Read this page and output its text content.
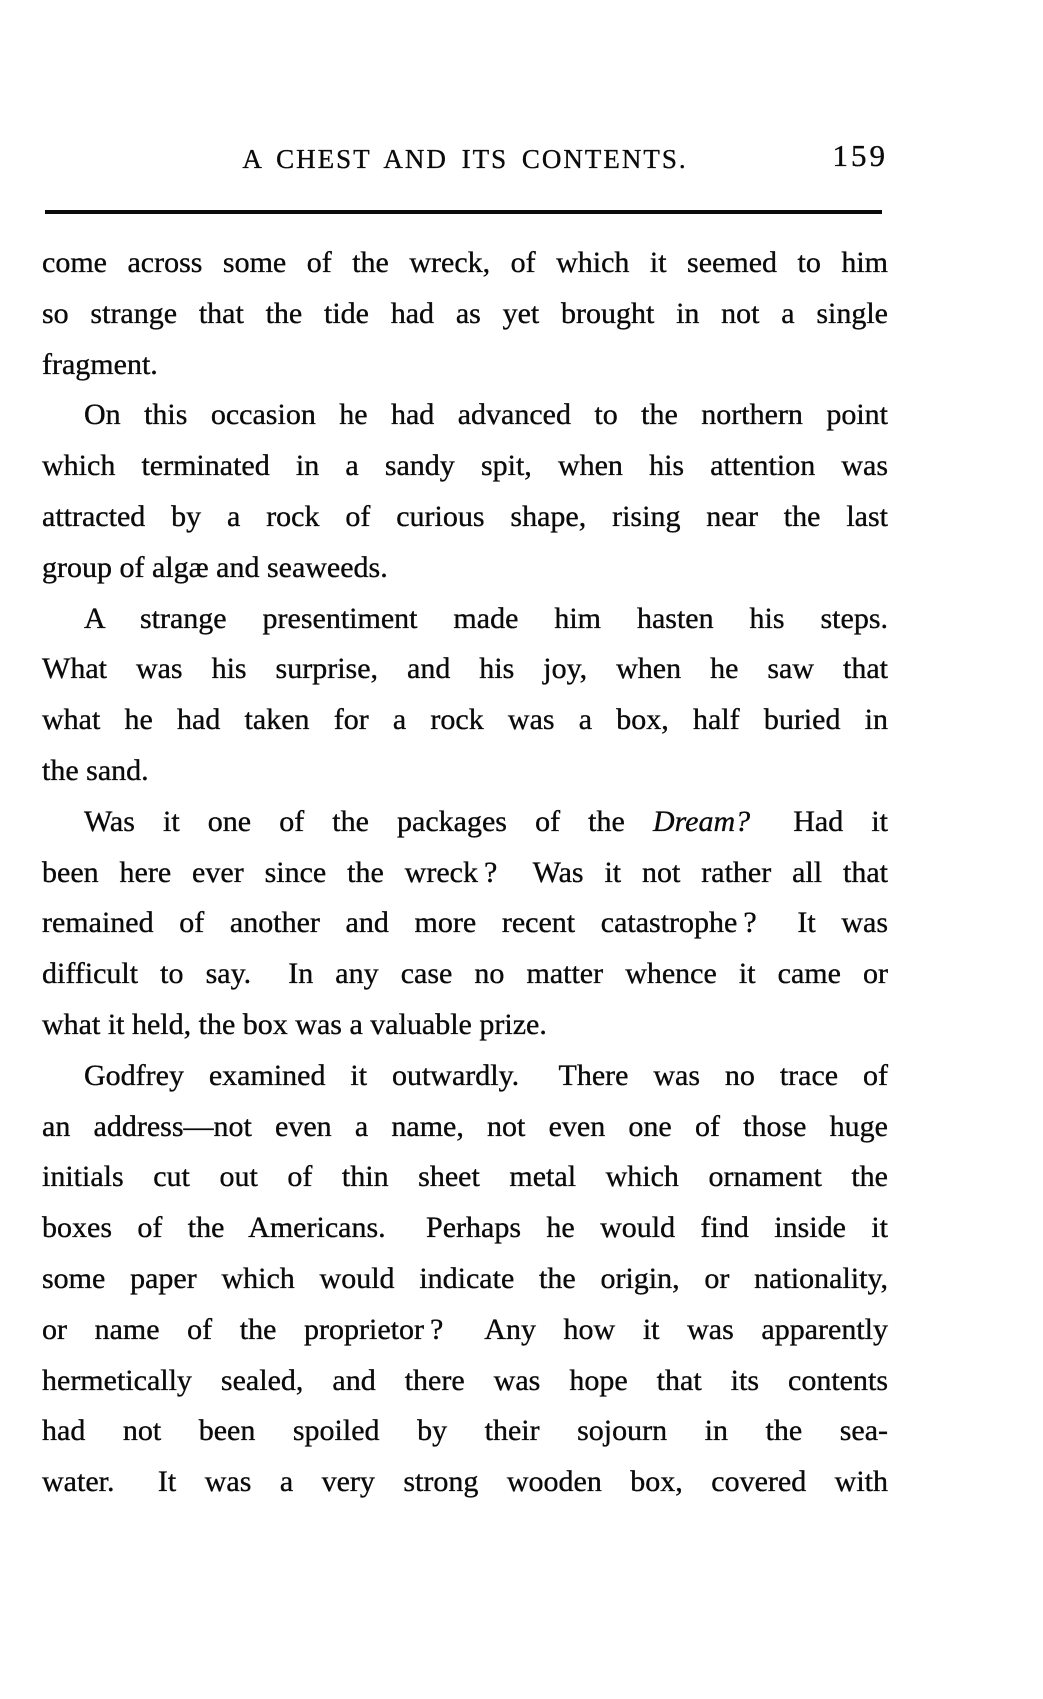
A CHEST AND ITS CONTENTS.	159
come across some of the wreck, of which it seemed to him
so strange that the tide had as yet brought in not a single
fragment.
On this occasion he had advanced to the northern point
which terminated in a sandy spit, when his attention was
attracted by a rock of curious shape, rising near the last
group of algæ and seaweeds.
A strange presentiment made him hasten his steps.
What was his surprise, and his joy, when he saw that
what he had taken for a rock was a box, half buried in
the sand.
Was it one of the packages of the Dream?  Had it
been here ever since the wreck ?  Was it not rather all that
remained of another and more recent catastrophe ?  It was
difficult to say.  In any case no matter whence it came or
what it held, the box was a valuable prize.
Godfrey examined it outwardly.  There was no trace of
an address—not even a name, not even one of those huge
initials cut out of thin sheet metal which ornament the
boxes of the Americans.  Perhaps he would find inside it
some paper which would indicate the origin, or nationality,
or name of the proprietor ?  Any how it was apparently
hermetically sealed, and there was hope that its contents
had not been spoiled by their sojourn in the sea-
water.  It was a very strong wooden box, covered with
